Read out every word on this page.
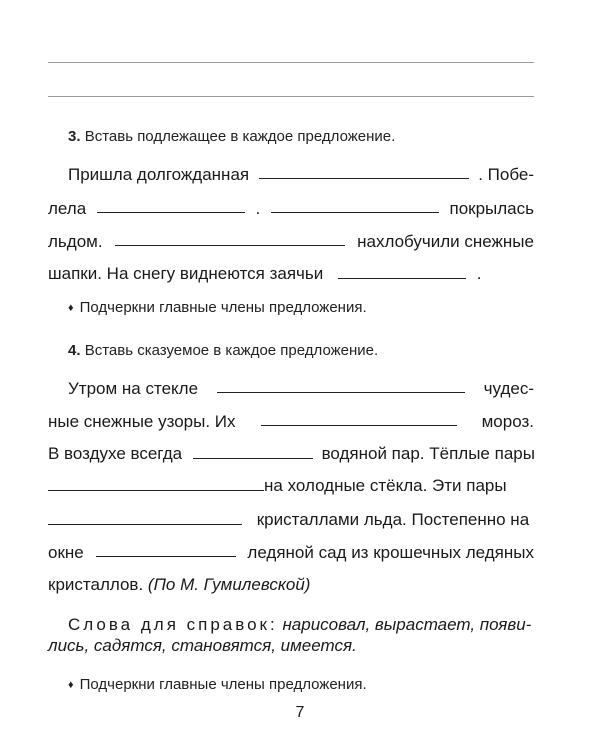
3. Вставь подлежащее в каждое предложение.
Пришла долгожданная	. Побе-
лела	.	покрылась
льдом.	нахлобучили снежные
шапки. На снегу виднеются заячьи	.
♦ Подчеркни главные члены предложения.
4. Вставь сказуемое в каждое предложение.
Утром на стекле	чудес-
ные снежные узоры. Их	мороз.
В воздухе всегда	водяной пар. Тёплые пары
на холодные стёкла. Эти пары
кристаллами льда. Постепенно на
окне	ледяной сад из крошечных ледяных
кристаллов. (По М. Гумилевской)
Слова для справок: нарисовал, вырастает, появи-
лись, садятся, становятся, имеется.
♦ Подчеркни главные члены предложения.
7
